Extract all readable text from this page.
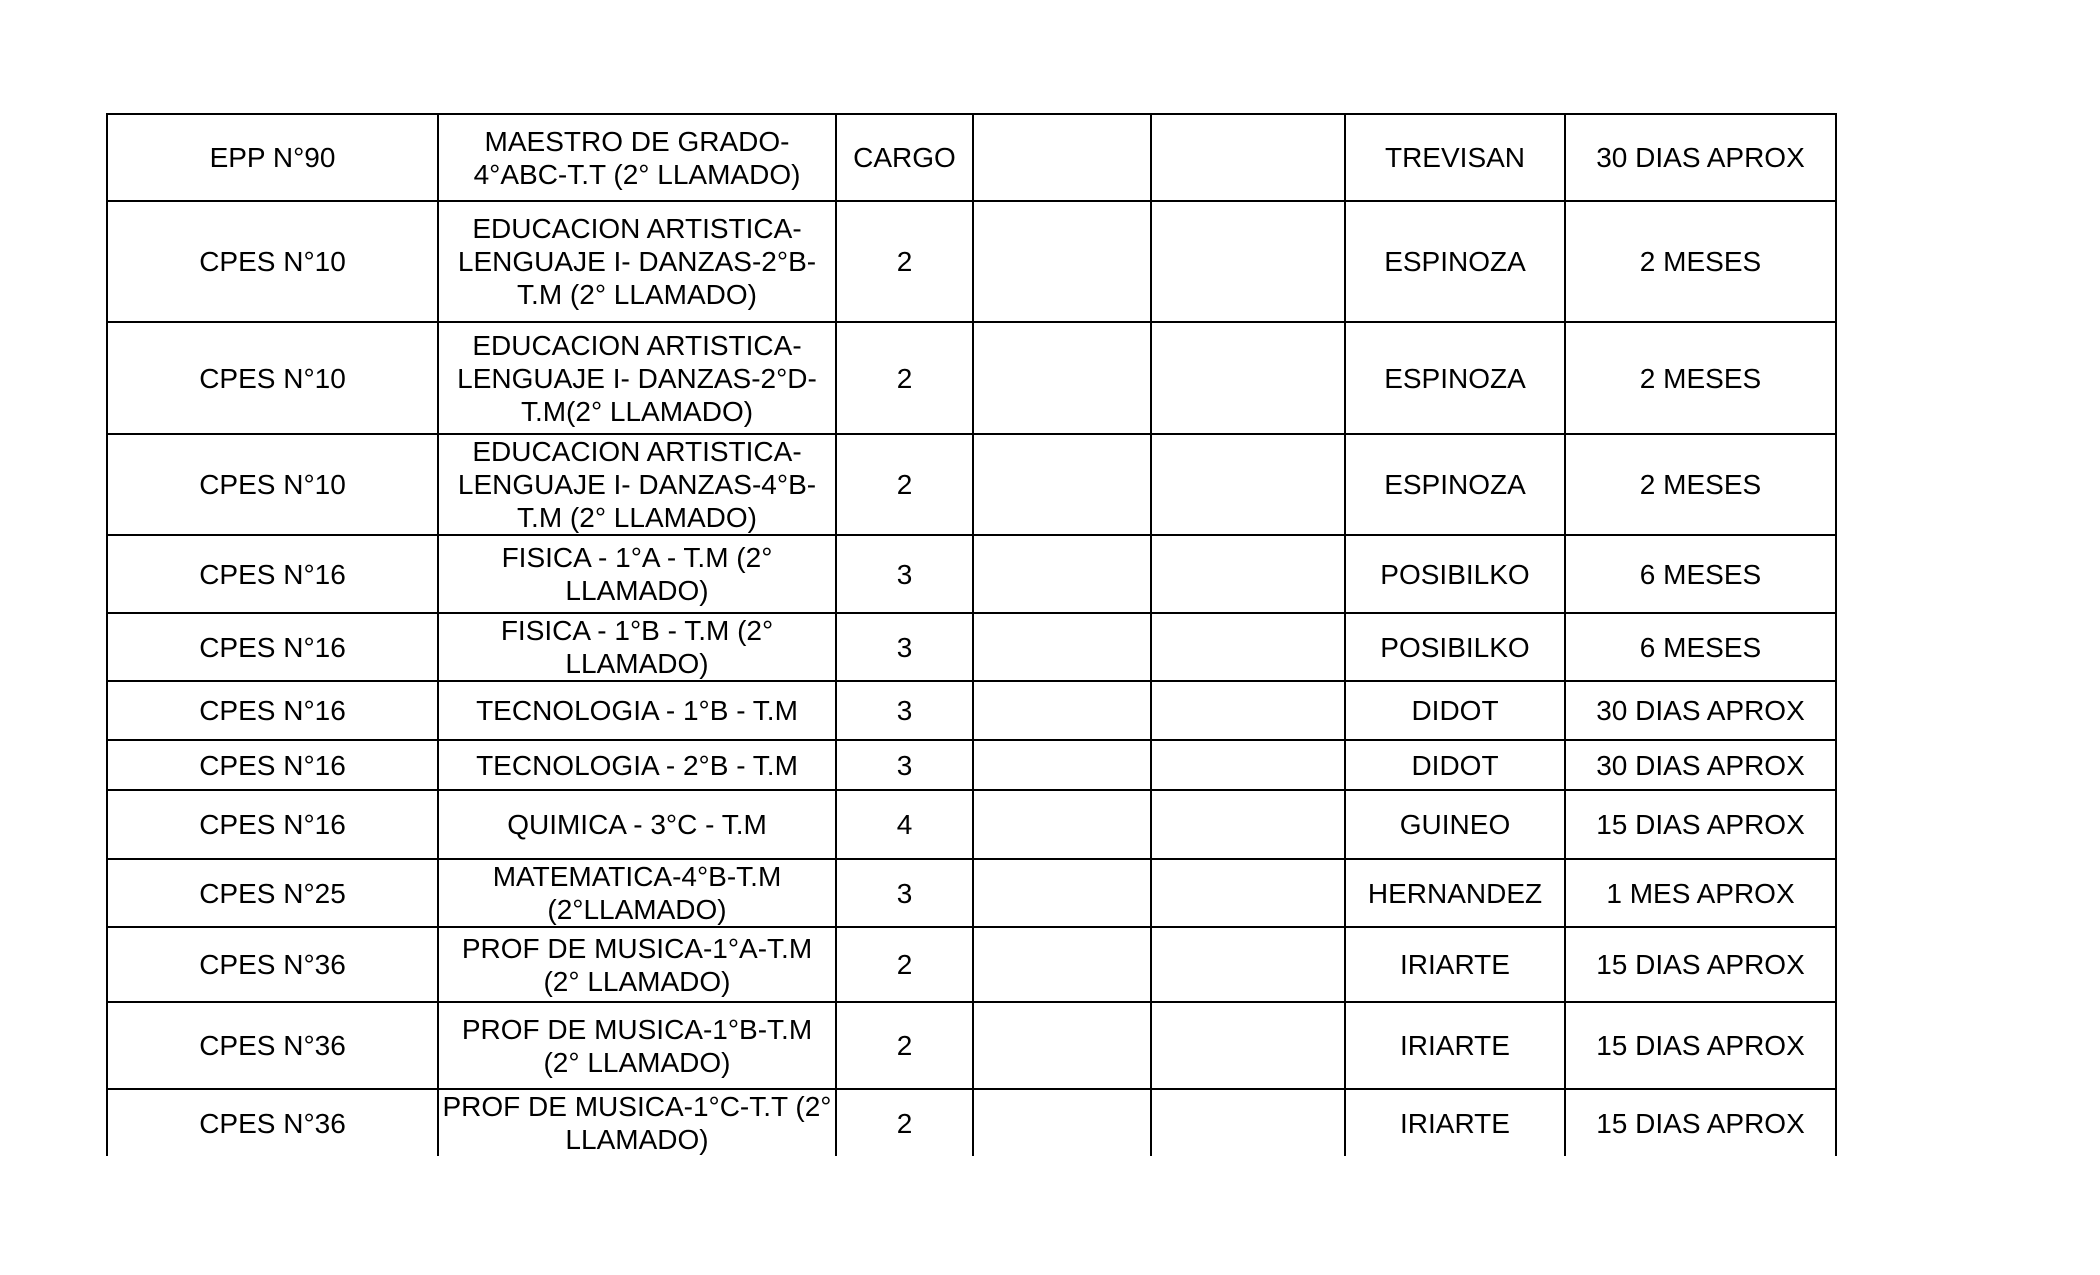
EPP N°90	MAESTRO DE GRADO-4°ABC-T.T (2° LLAMADO)	CARGO			TREVISAN	30 DIAS APROX
CPES N°10	EDUCACION ARTISTICA-LENGUAJE I- DANZAS-2°B-T.M (2° LLAMADO)	2			ESPINOZA	2 MESES
CPES N°10	EDUCACION ARTISTICA-LENGUAJE I- DANZAS-2°D-T.M(2° LLAMADO)	2			ESPINOZA	2 MESES
CPES N°10	EDUCACION ARTISTICA-LENGUAJE I- DANZAS-4°B-T.M (2° LLAMADO)	2			ESPINOZA	2 MESES
CPES N°16	FISICA - 1°A - T.M (2° LLAMADO)	3			POSIBILKO	6 MESES
CPES N°16	FISICA - 1°B - T.M (2° LLAMADO)	3			POSIBILKO	6 MESES
CPES N°16	TECNOLOGIA - 1°B - T.M	3			DIDOT	30 DIAS APROX
CPES N°16	TECNOLOGIA - 2°B - T.M	3			DIDOT	30 DIAS APROX
CPES N°16	QUIMICA - 3°C - T.M	4			GUINEO	15 DIAS APROX
CPES N°25	MATEMATICA-4°B-T.M (2°LLAMADO)	3			HERNANDEZ	1 MES APROX
CPES N°36	PROF DE MUSICA-1°A-T.M (2° LLAMADO)	2			IRIARTE	15 DIAS APROX
CPES N°36	PROF DE MUSICA-1°B-T.M (2° LLAMADO)	2			IRIARTE	15 DIAS APROX
CPES N°36	PROF DE MUSICA-1°C-T.T (2° LLAMADO)	2			IRIARTE	15 DIAS APROX
